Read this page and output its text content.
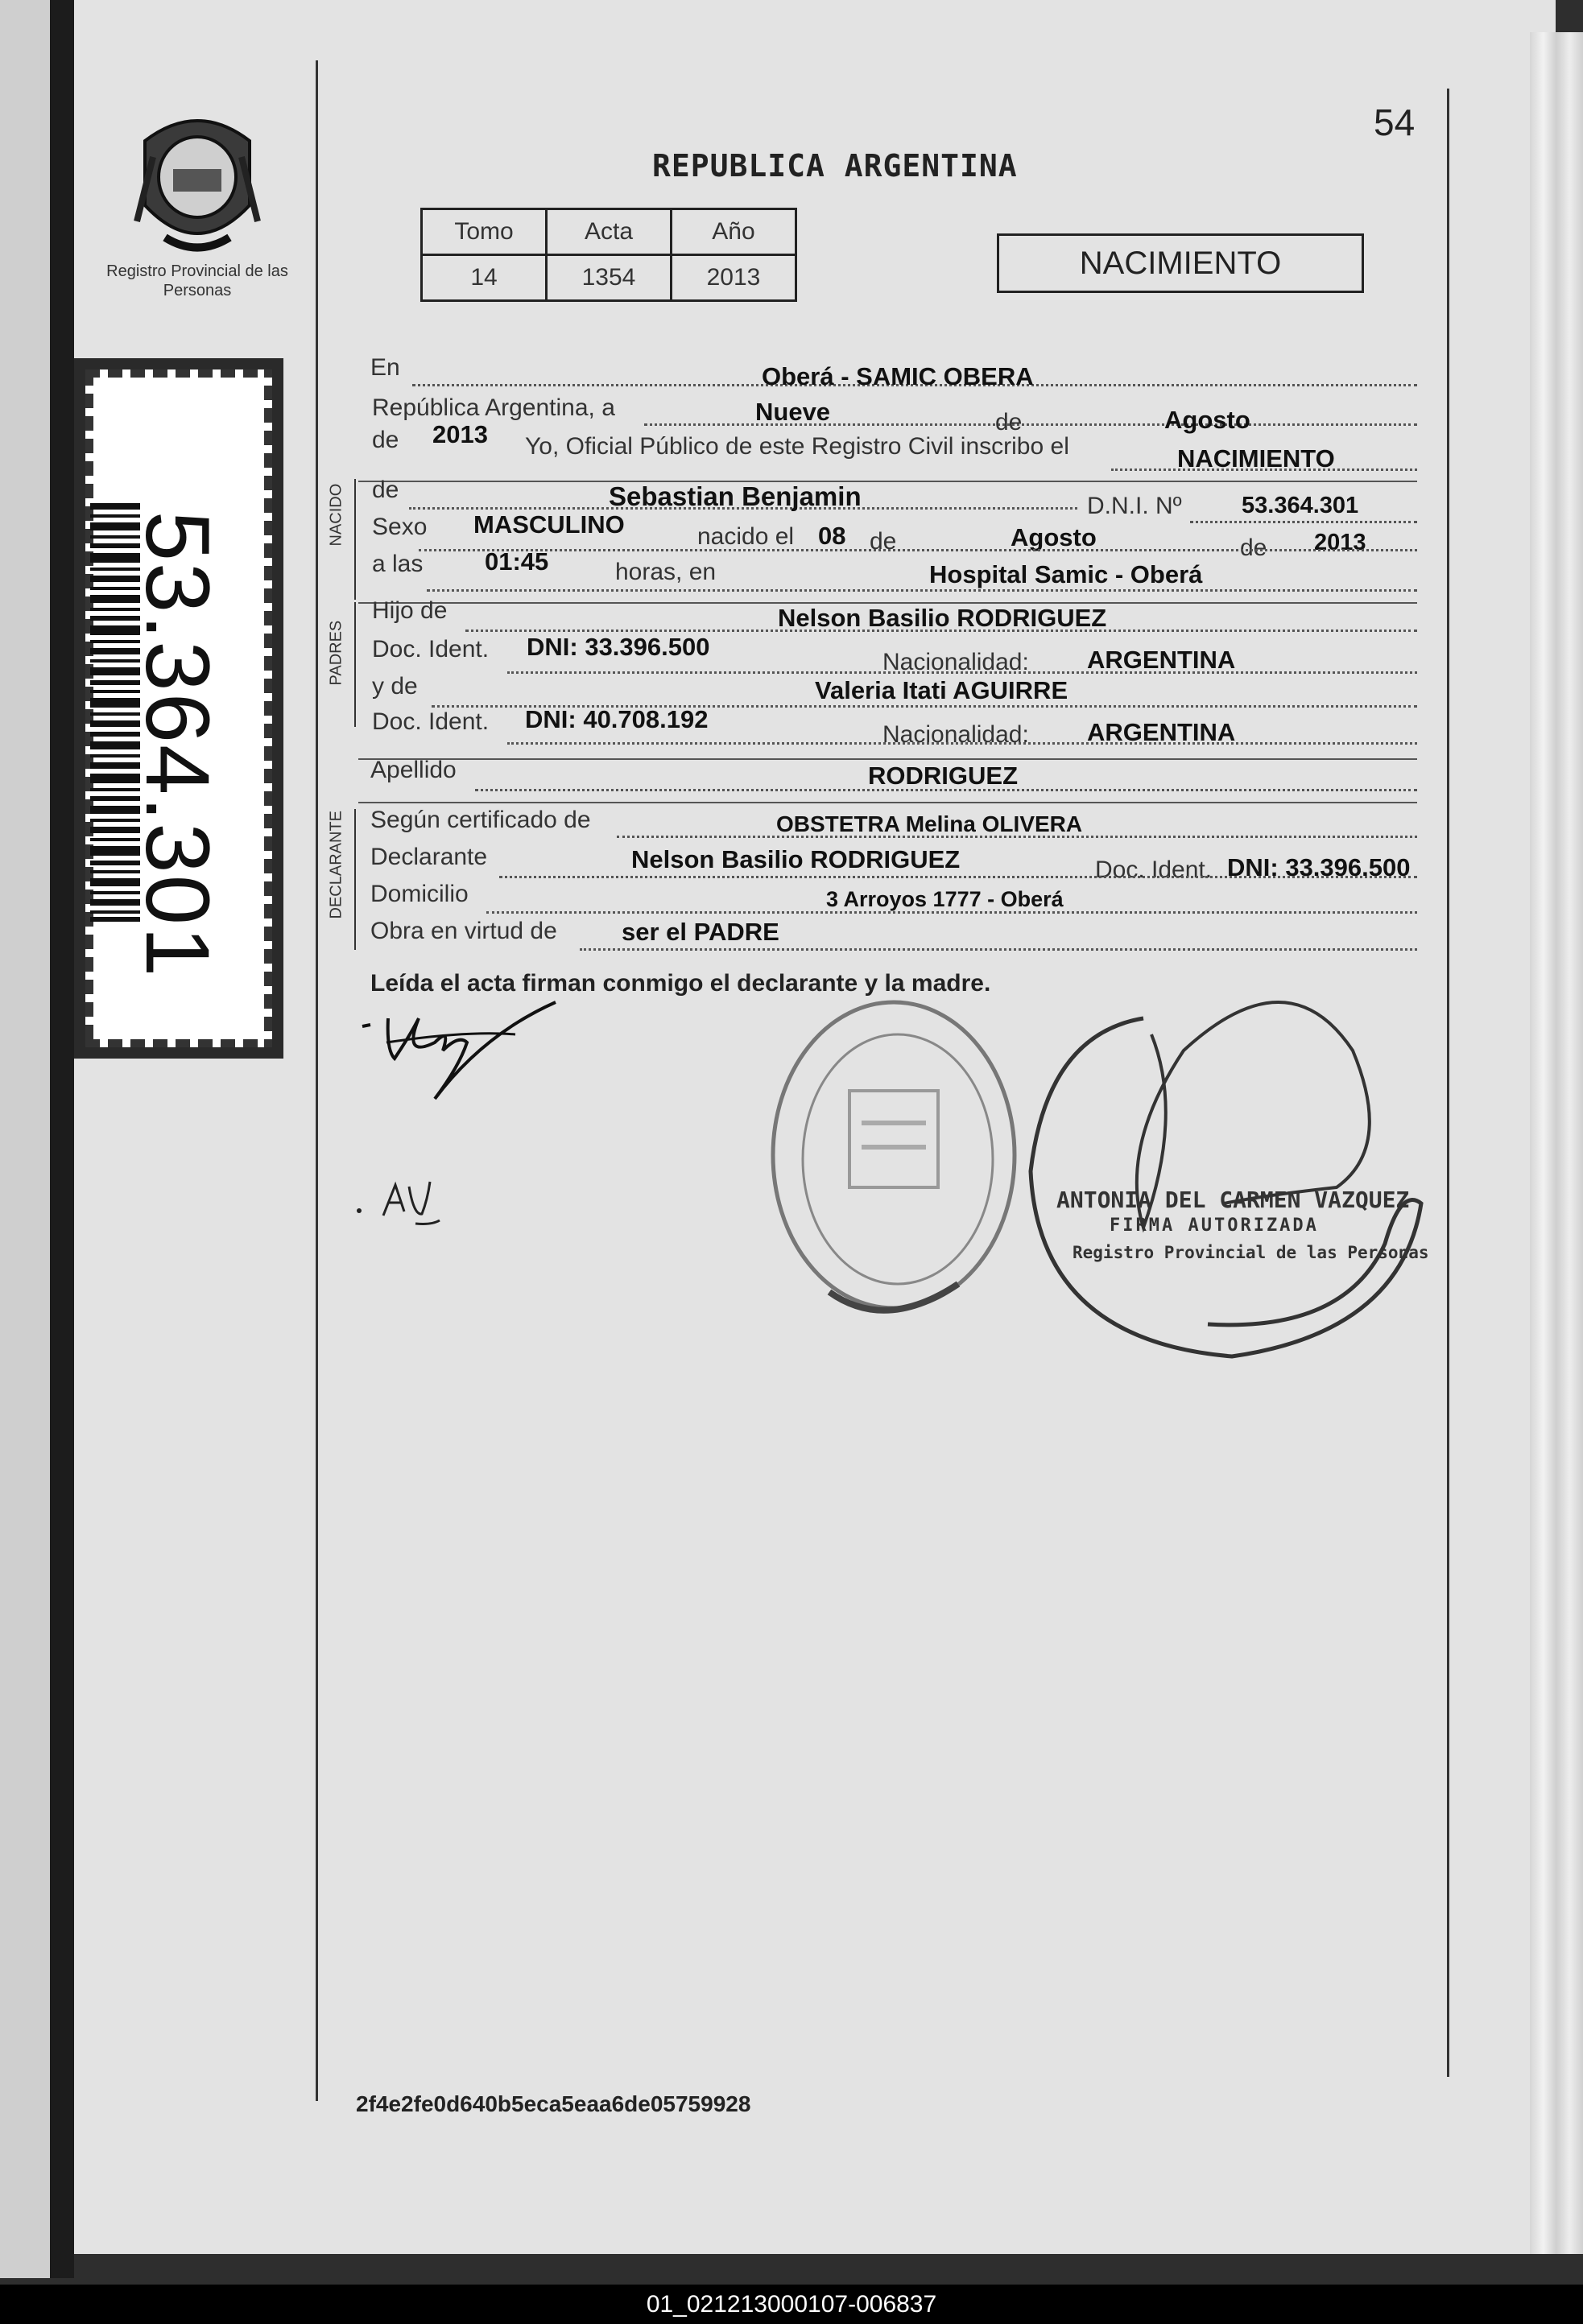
Registro Provincial de las Personas
53.364.301
54
REPUBLICA ARGENTINA
Tomo	Acta	Año
14	1354	2013	NACIMIENTO
NACIDO
PADRES
DECLARANTE
En	Oberá - SAMIC OBERA
República Argentina, a	Nueve	de	Agosto
de 2013 Yo, Oficial Público de este Registro Civil inscribo el	NACIMIENTO
de	Sebastian Benjamin	D.N.I. Nº	53.364.301
Sexo MASCULINO	nacido el 08 de	Agosto	de 2013
a las 01:45	horas, en	Hospital Samic - Oberá
Hijo de	Nelson Basilio RODRIGUEZ
Doc. Ident. DNI: 33.396.500
Nacionalidad: ARGENTINA
y de	Valeria Itati AGUIRRE
Doc. Ident. DNI: 40.708.192
Nacionalidad: ARGENTINA
Apellido	RODRIGUEZ
Según certificado de	OBSTETRA Melina OLIVERA
Declarante	Nelson Basilio RODRIGUEZ	Doc. Ident. DNI: 33.396.500
Domicilio	3 Arroyos 1777 - Oberá
Obra en virtud de	ser el PADRE
Leída el acta firman conmigo el declarante y la madre.
ANTONIA DEL CARMEN VAZQUEZ
FIRMA AUTORIZADA
Registro Provincial de las Personas
2f4e2fe0d640b5eca5eaa6de05759928
01_021213000107-006837
